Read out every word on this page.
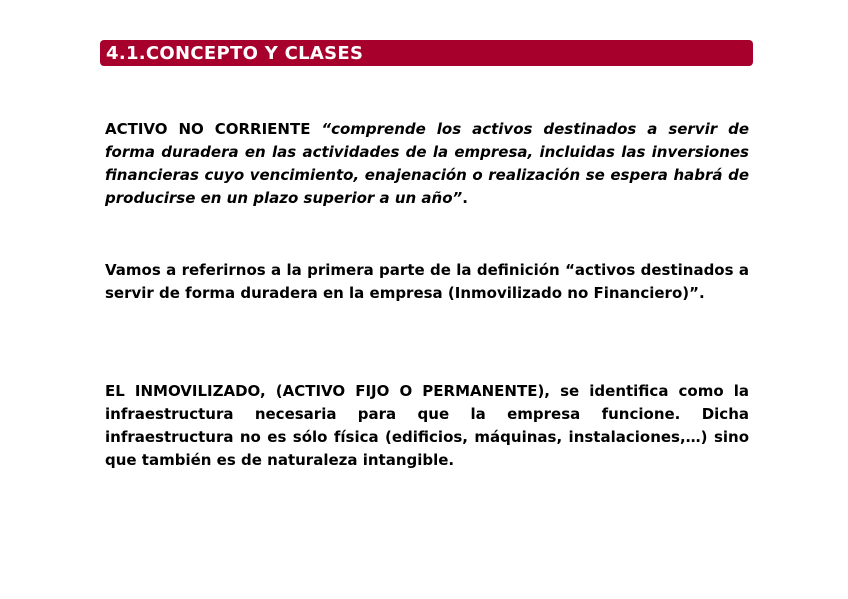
4.1.CONCEPTO Y CLASES

ACTIVO NO CORRIENTE “comprende los activos destinados a servir de forma duradera en las actividades de la empresa, incluidas las inversiones financieras cuyo vencimiento, enajenación o realización se espera habrá de producirse en un plazo superior a un año”.

Vamos a referirnos a la primera parte de la definición “activos destinados a servir de forma duradera en la empresa (Inmovilizado no Financiero)”.

EL INMOVILIZADO, (ACTIVO FIJO O PERMANENTE), se identifica como la infraestructura necesaria para que la empresa funcione. Dicha infraestructura no es sólo física (edificios, máquinas, instalaciones,…) sino que también es de naturaleza intangible.
